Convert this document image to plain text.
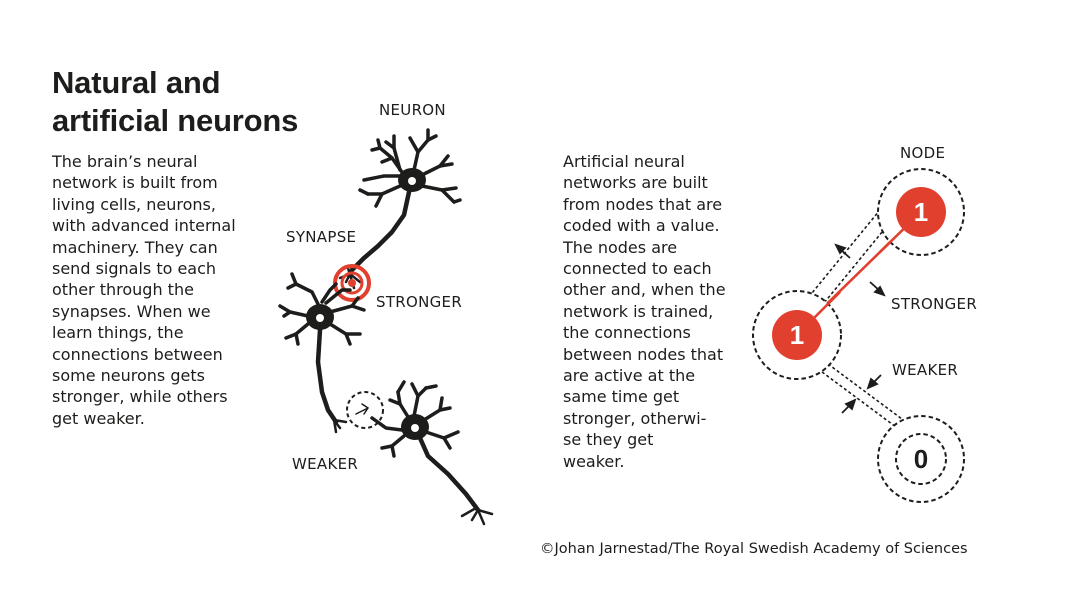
Natural and
artificial neurons
The brain’s neural
network is built from
living cells, neurons,
with advanced internal
machinery. They can
send signals to each
other through the
synapses. When we
learn things, the
connections between
some neurons gets
stronger, while others
get weaker.
Artificial neural
networks are built
from nodes that are
coded with a value.
The nodes are
connected to each
other and, when the
network is trained,
the connections
between nodes that
are active at the
same time get
stronger, otherwi-
se they get
weaker.
1
1
0
NEURON
SYNAPSE
STRONGER
WEAKER
NODE
STRONGER
WEAKER
©Johan Jarnestad/The Royal Swedish Academy of Sciences
